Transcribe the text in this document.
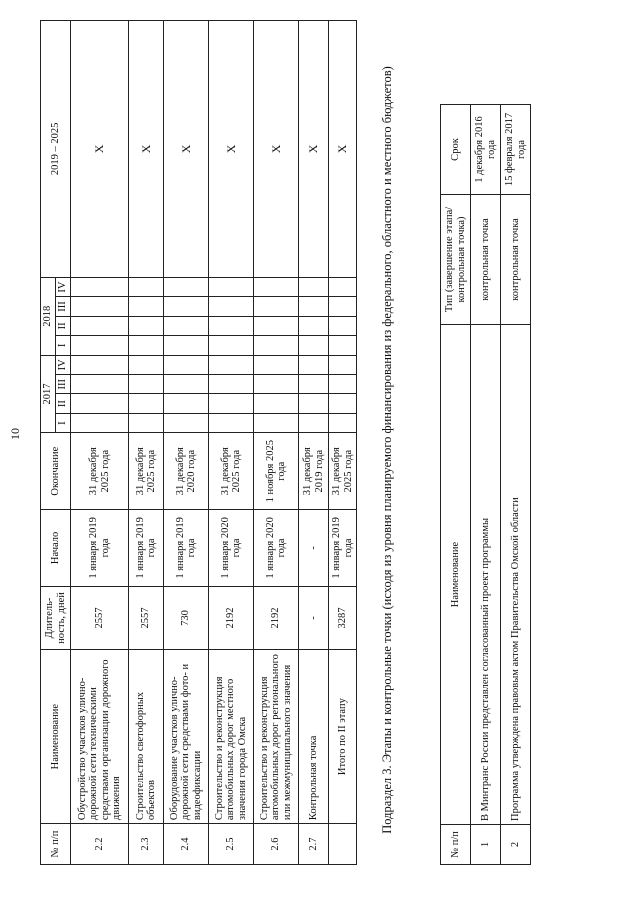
10
№ п/п	Наименование	Длитель-ность, дней	Начало	Окончание	2017				2018				2019 – 2025
					I	II	III	IV	I	II	III	IV	
2.2	Обустройство участков улично-дорожной сети техническими средствами организации дорожного движения	2557	1 января 2019 года	31 декабря 2025 года									Х
2.3	Строительство светофорных объектов	2557	1 января 2019 года	31 декабря 2025 года									Х
2.4	Оборудование участков улично-дорожной сети средствами фото- и видеофиксации	730	1 января 2019 года	31 декабря 2020 года									Х
2.5	Строительство и реконструкция автомобильных дорог местного значения города Омска	2192	1 января 2020 года	31 декабря 2025 года									Х
2.6	Строительство и реконструкция автомобильных дорог регионального или межмуниципального значения	2192	1 января 2020 года	1 ноября 2025 года									Х
2.7	Контрольная точка	-	-	31 декабря 2019 года									Х
	Итого по II этапу	3287	1 января 2019 года	31 декабря 2025 года									Х Подраздел 3. Этапы и контрольные точки (исходя из уровня планируемого финансирования из федерального, областного и местного бюджетов)
№ п/п	Наименование	Тип (завершение этапа/контрольная точка)	Срок
1	В Минтранс России представлен согласованный проект программы	контрольная точка	1 декабря 2016 года
2	Программа утверждена правовым актом Правительства Омской области	контрольная точка	15 февраля 2017 года
